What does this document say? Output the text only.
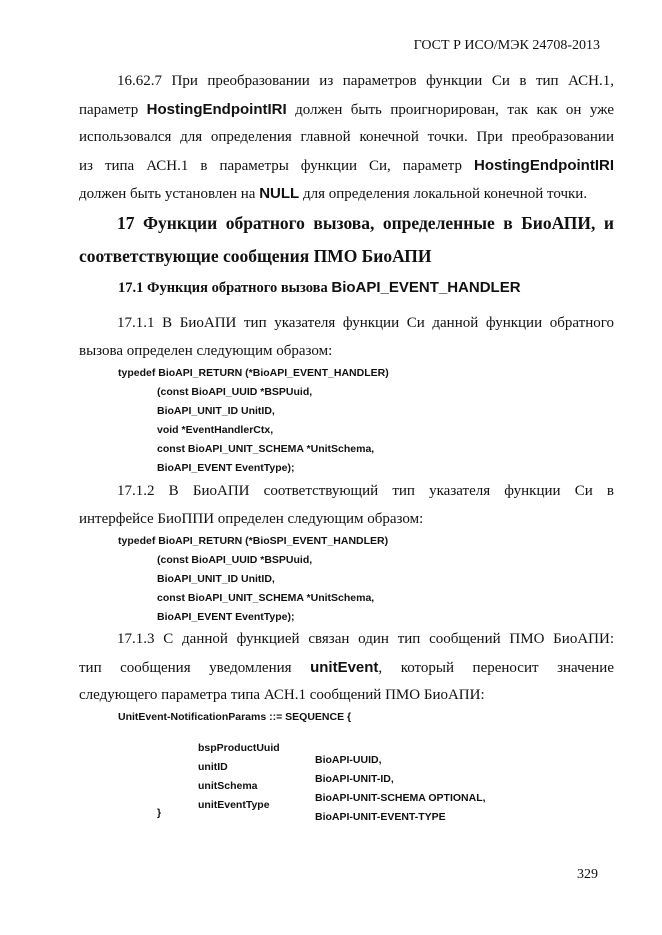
ГОСТ Р ИСО/МЭК 24708-2013
16.62.7 При преобразовании из параметров функции Си в тип АСН.1,
параметр HostingEndpointIRI должен быть проигнорирован, так как он уже
использовался для определения главной конечной точки. При преобразовании
из типа АСН.1 в параметры функции Си, параметр HostingEndpointIRI
должен быть установлен на NULL для определения локальной конечной точки.
17 Функции обратного вызова, определенные в БиоАПИ, и
соответствующие сообщения ПМО БиоАПИ
17.1 Функция обратного вызова BioAPI_EVENT_HANDLER
17.1.1 В БиоАПИ тип указателя функции Си данной функции обратного
вызова определен следующим образом:

typedef BioAPI_RETURN (*BioAPI_EVENT_HANDLER)

(const BioAPI_UUID *BSPUuid,

BioAPI_UNIT_ID UnitID,

void *EventHandlerCtx,

const BioAPI_UNIT_SCHEMA *UnitSchema,

BioAPI_EVENT EventType);

17.1.2 В БиоАПИ соответствующий тип указателя функции Си в
интерфейсе БиоППИ определен следующим образом:

typedef BioAPI_RETURN (*BioSPI_EVENT_HANDLER)

(const BioAPI_UUID *BSPUuid,

BioAPI_UNIT_ID UnitID,

const BioAPI_UNIT_SCHEMA *UnitSchema,

BioAPI_EVENT EventType);

17.1.3 С данной функцией связан один тип сообщений ПМО БиоАПИ:
тип сообщения уведомления unitEvent, который переносит значение
следующего параметра типа АСН.1 сообщений ПМО БиоАПИ:

UnitEvent-NotificationParams ::= SEQUENCE {

bspProductUuid

BioAPI-UUID,

unitID

BioAPI-UNIT-ID,

unitSchema

BioAPI-UNIT-SCHEMA OPTIONAL,

unitEventType

BioAPI-UNIT-EVENT-TYPE

}

329
